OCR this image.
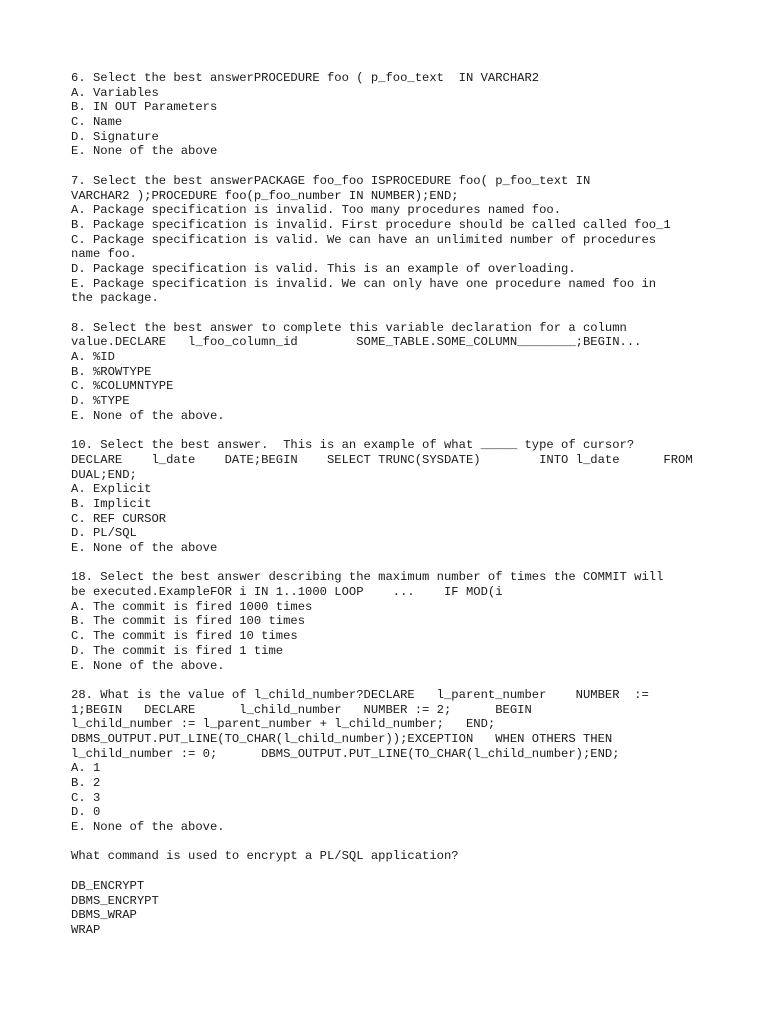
6. Select the best answerPROCEDURE foo ( p_foo_text  IN VARCHAR2
A. Variables
B. IN OUT Parameters
C. Name
D. Signature
E. None of the above
7. Select the best answerPACKAGE foo_foo ISPROCEDURE foo( p_foo_text IN
VARCHAR2 );PROCEDURE foo(p_foo_number IN NUMBER);END;
A. Package specification is invalid. Too many procedures named foo.
B. Package specification is invalid. First procedure should be called called foo_1
C. Package specification is valid. We can have an unlimited number of procedures
name foo.
D. Package specification is valid. This is an example of overloading.
E. Package specification is invalid. We can only have one procedure named foo in
the package.
8. Select the best answer to complete this variable declaration for a column
value.DECLARE   l_foo_column_id        SOME_TABLE.SOME_COLUMN________;BEGIN...
A. %ID
B. %ROWTYPE
C. %COLUMNTYPE
D. %TYPE
E. None of the above.
10. Select the best answer.  This is an example of what _____ type of cursor?
DECLARE    l_date    DATE;BEGIN    SELECT TRUNC(SYSDATE)        INTO l_date      FROM
DUAL;END;
A. Explicit
B. Implicit
C. REF CURSOR
D. PL/SQL
E. None of the above
18. Select the best answer describing the maximum number of times the COMMIT will
be executed.ExampleFOR i IN 1..1000 LOOP    ...    IF MOD(i
A. The commit is fired 1000 times
B. The commit is fired 100 times
C. The commit is fired 10 times
D. The commit is fired 1 time
E. None of the above.
28. What is the value of l_child_number?DECLARE   l_parent_number    NUMBER  :=
1;BEGIN   DECLARE      l_child_number   NUMBER := 2;      BEGIN
l_child_number := l_parent_number + l_child_number;   END;
DBMS_OUTPUT.PUT_LINE(TO_CHAR(l_child_number));EXCEPTION   WHEN OTHERS THEN
l_child_number := 0;      DBMS_OUTPUT.PUT_LINE(TO_CHAR(l_child_number);END;
A. 1
B. 2
C. 3
D. 0
E. None of the above.
What command is used to encrypt a PL/SQL application?
DB_ENCRYPT
DBMS_ENCRYPT
DBMS_WRAP
WRAP
